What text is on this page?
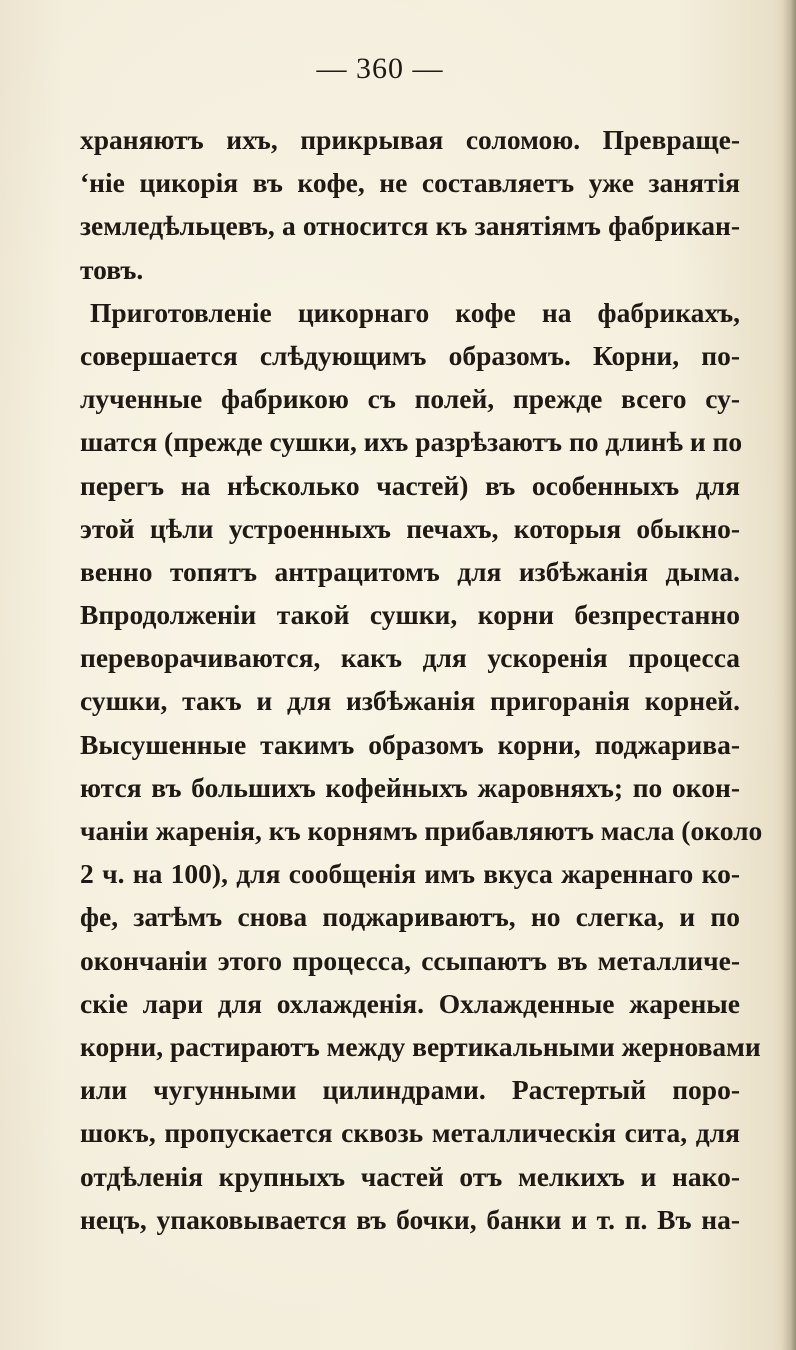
— 360 —
храняютъ ихъ, прикрывая соломою. Превраще-
ʻніе цикорія въ кофе, не составляетъ уже занятія
земледѣльцевъ, а относится къ занятіямъ фабрикан-
товъ.
Приготовленіе цикорнаго кофе на фабрикахъ,
совершается слѣдующимъ образомъ. Корни, по-
лученные фабрикою съ полей, прежде всего су-
шатся (прежде сушки, ихъ разрѣзаютъ по длинѣ и по
перегъ на нѣсколько частей) въ особенныхъ для
этой цѣли устроенныхъ печахъ, которыя обыкно-
венно топятъ антрацитомъ для избѣжанія дыма.
Впродолженіи такой сушки, корни безпрестанно
переворачиваются, какъ для ускоренія процесса
сушки, такъ и для избѣжанія пригоранія корней.
Высушенные такимъ образомъ корни, поджарива-
ются въ большихъ кофейныхъ жаровняхъ; по окон-
чаніи жаренія, къ корнямъ прибавляютъ масла (около
2 ч. на 100), для сообщенія имъ вкуса жареннаго ко-
фе, затѣмъ снова поджариваютъ, но слегка, и по
окончаніи этого процесса, ссыпаютъ въ металличе-
скіе лари для охлажденія. Охлажденные жареные
корни, растираютъ между вертикальными жерновами
или чугунными цилиндрами. Растертый поро-
шокъ, пропускается сквозь металлическія сита, для
отдѣленія крупныхъ частей отъ мелкихъ и нако-
нецъ, упаковывается въ бочки, банки и т. п. Въ на-
